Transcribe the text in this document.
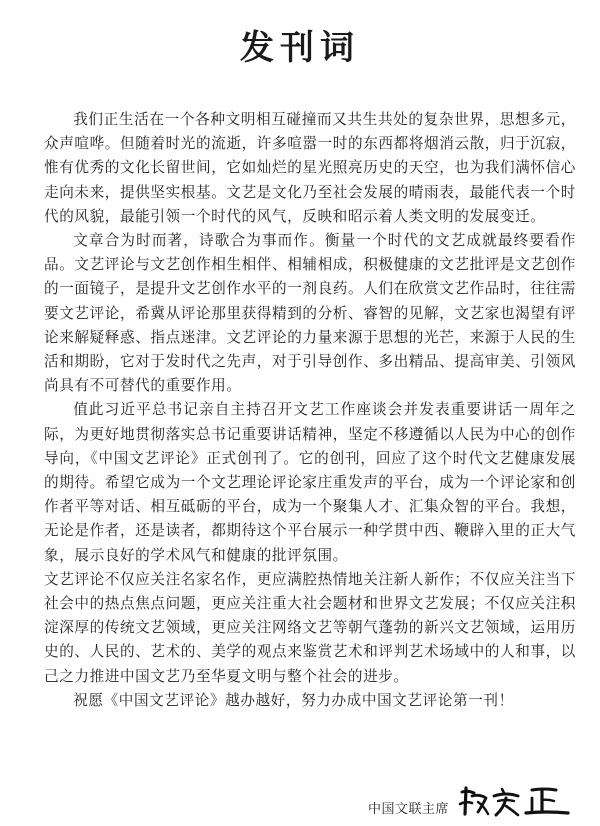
发刊词

我们正生活在一个各种文明相互碰撞而又共生共处的复杂世界，思想多元，众声喧哗。但随着时光的流逝，许多喧嚣一时的东西都将烟消云散，归于沉寂，惟有优秀的文化长留世间，它如灿烂的星光照亮历史的天空，也为我们满怀信心走向未来，提供坚实根基。文艺是文化乃至社会发展的晴雨表，最能代表一个时代的风貌，最能引领一个时代的风气，反映和昭示着人类文明的发展变迁。

文章合为时而著，诗歌合为事而作。衡量一个时代的文艺成就最终要看作品。文艺评论与文艺创作相生相伴、相辅相成，积极健康的文艺批评是文艺创作的一面镜子，是提升文艺创作水平的一剂良药。人们在欣赏文艺作品时，往往需要文艺评论，希冀从评论那里获得精到的分析、睿智的见解，文艺家也渴望有评论来解疑释惑、指点迷津。文艺评论的力量来源于思想的光芒，来源于人民的生活和期盼，它对于发时代之先声，对于引导创作、多出精品、提高审美、引领风尚具有不可替代的重要作用。

值此习近平总书记亲自主持召开文艺工作座谈会并发表重要讲话一周年之际，为更好地贯彻落实总书记重要讲话精神，坚定不移遵循以人民为中心的创作导向，《中国文艺评论》正式创刊了。它的创刊，回应了这个时代文艺健康发展的期待。希望它成为一个文艺理论评论家庄重发声的平台，成为一个评论家和创作者平等对话、相互砥砺的平台，成为一个聚集人才、汇集众智的平台。我想，无论是作者，还是读者，都期待这个平台展示一种学贯中西、鞭辟入里的正大气象，展示良好的学术风气和健康的批评氛围。

文艺评论不仅应关注名家名作，更应满腔热情地关注新人新作；不仅应关注当下社会中的热点焦点问题，更应关注重大社会题材和世界文艺发展；不仅应关注积淀深厚的传统文艺领域，更应关注网络文艺等朝气蓬勃的新兴文艺领域，运用历史的、人民的、艺术的、美学的观点来鉴赏艺术和评判艺术场域中的人和事，以己之力推进中国文艺乃至华夏文明与整个社会的进步。

祝愿《中国文艺评论》越办越好，努力办成中国文艺评论第一刊！

中国文联主席
